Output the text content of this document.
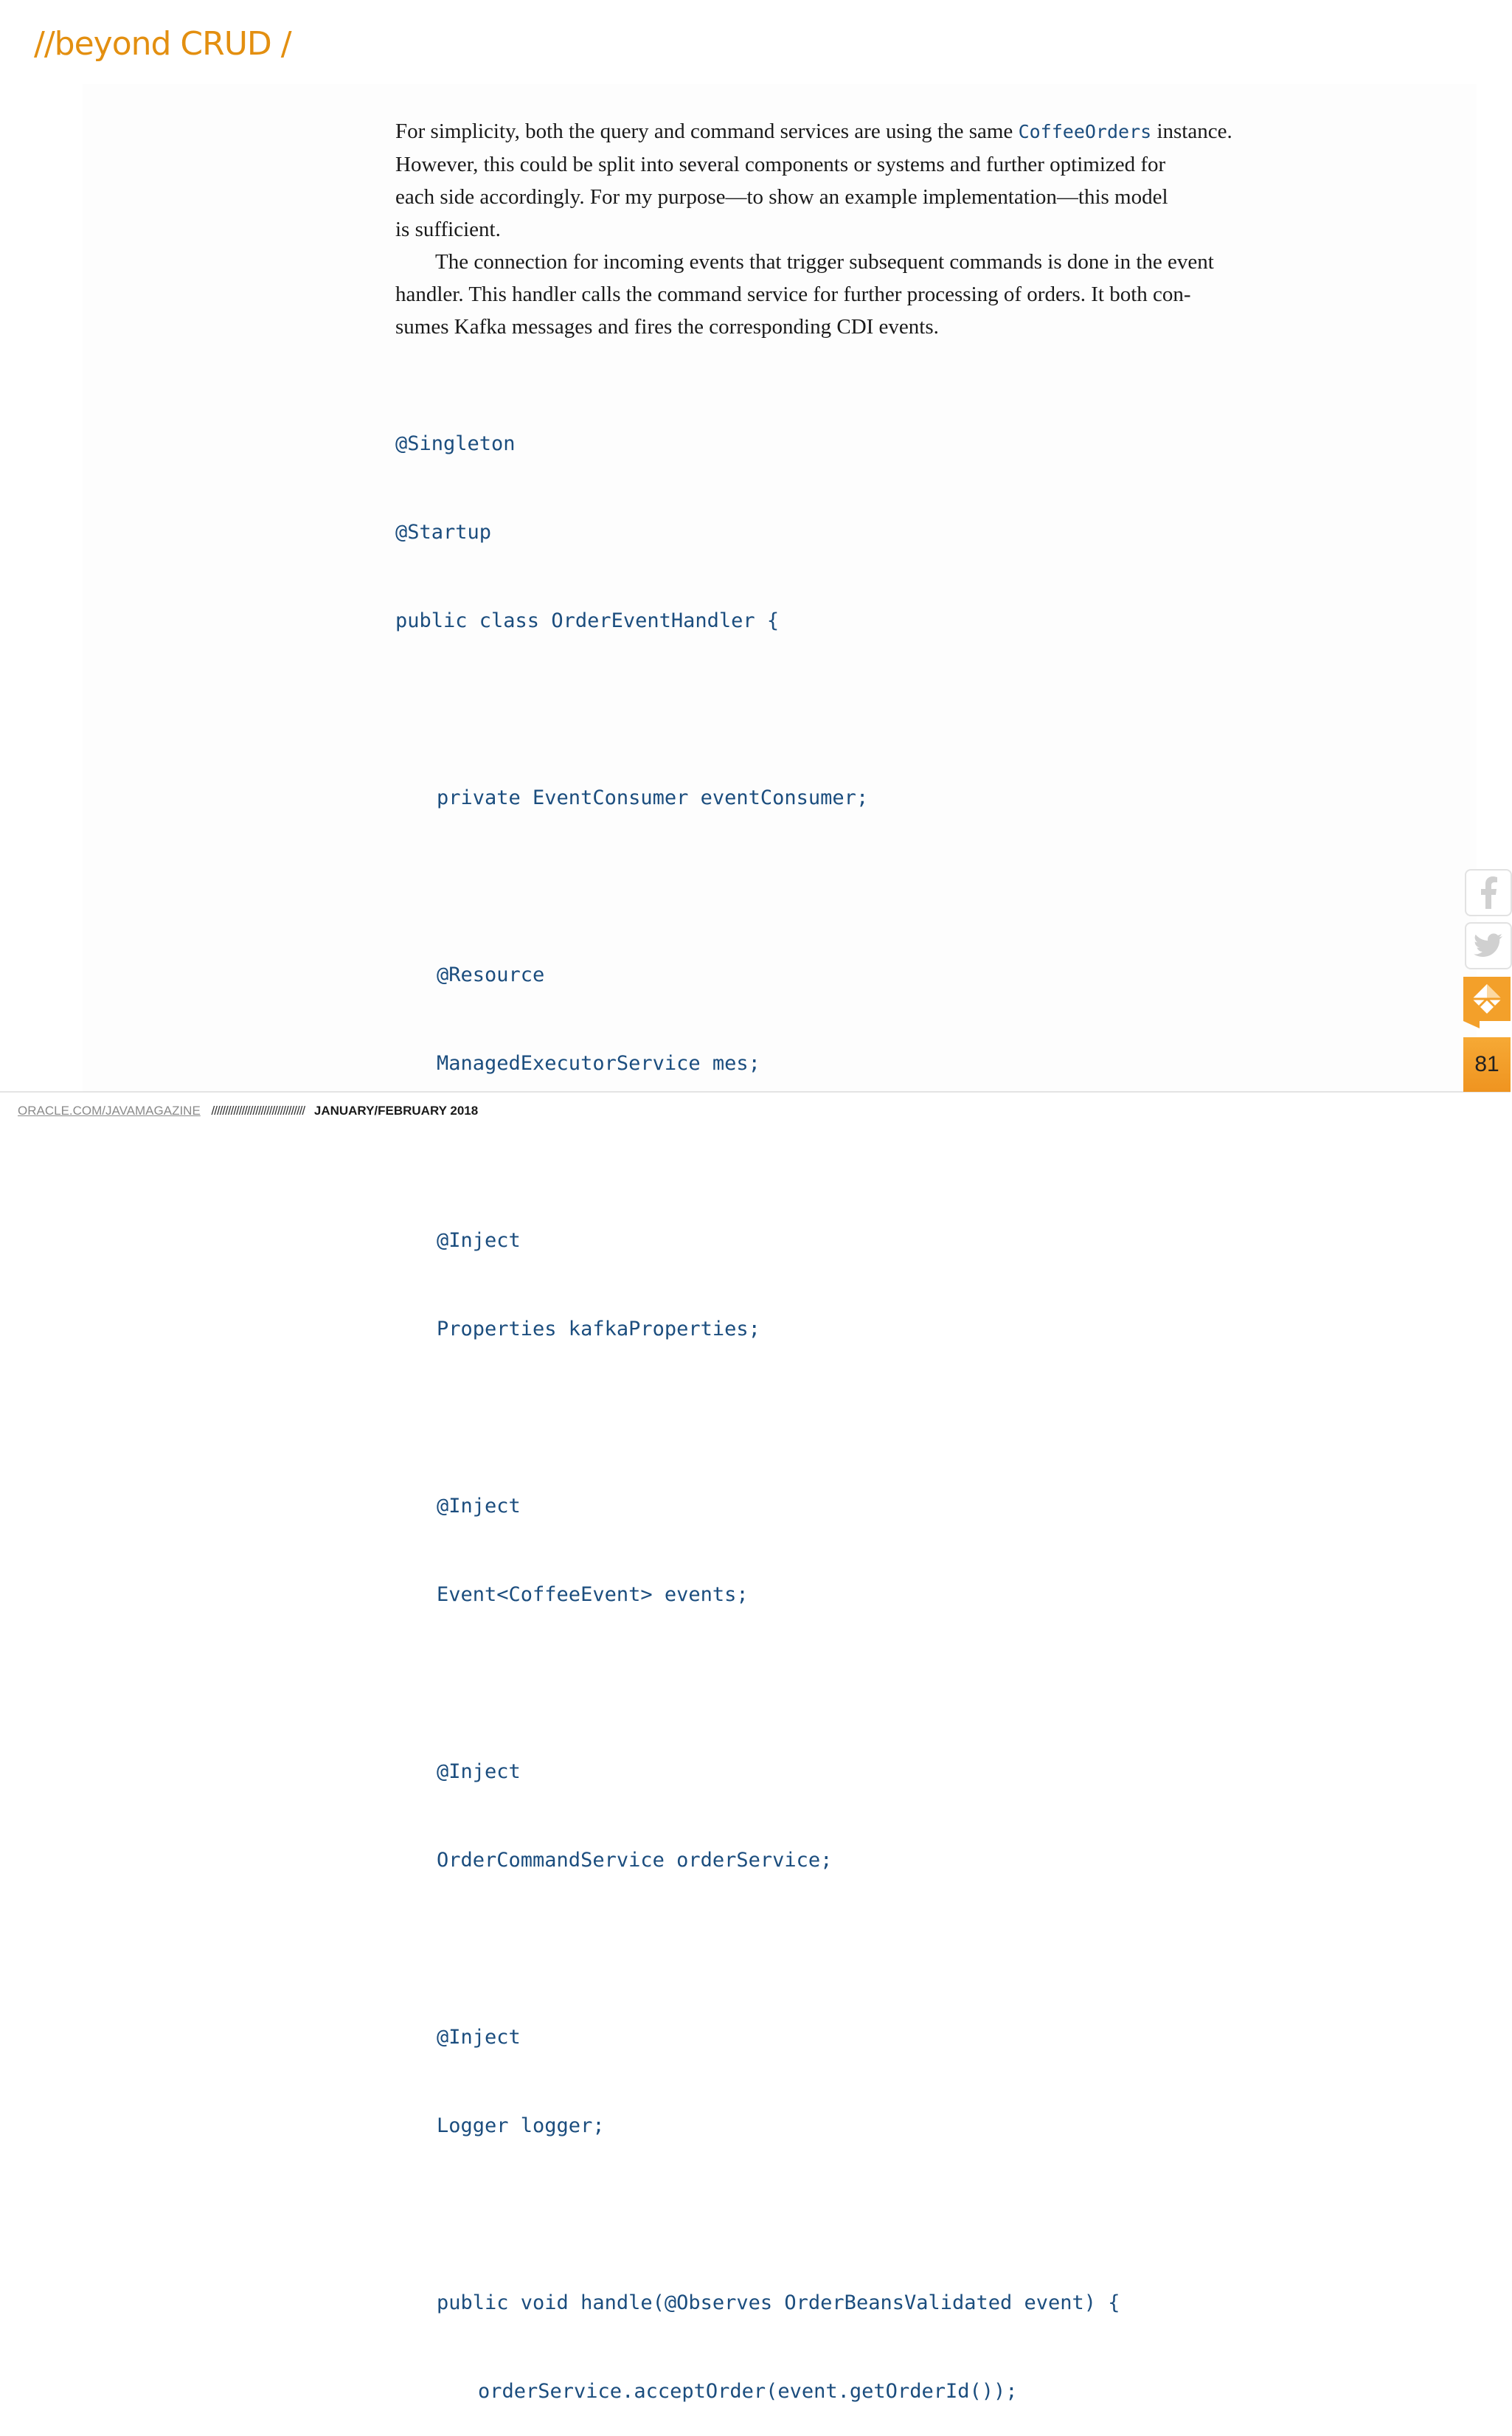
//beyond CRUD /

For simplicity, both the query and command services are using the same CoffeeOrders instance.

However, this could be split into several components or systems and further optimized for

each side accordingly. For my purpose—to show an example implementation—this model

is sufficient.

The connection for incoming events that trigger subsequent commands is done in the event

handler. This handler calls the command service for further processing of orders. It both con-

sumes Kafka messages and fires the corresponding CDI events.

@Singleton

@Startup

public class OrderEventHandler {

private EventConsumer eventConsumer;

@Resource

ManagedExecutorService mes;

@Inject

Properties kafkaProperties;

@Inject

Event<CoffeeEvent> events;

@Inject

OrderCommandService orderService;

@Inject

Logger logger;

public void handle(@Observes OrderBeansValidated event) {

orderService.acceptOrder(event.getOrderId());

ORACLE.COM/JAVAMAGAZINE ////////////////////////////////// JANUARY/FEBRUARY 2018
81
